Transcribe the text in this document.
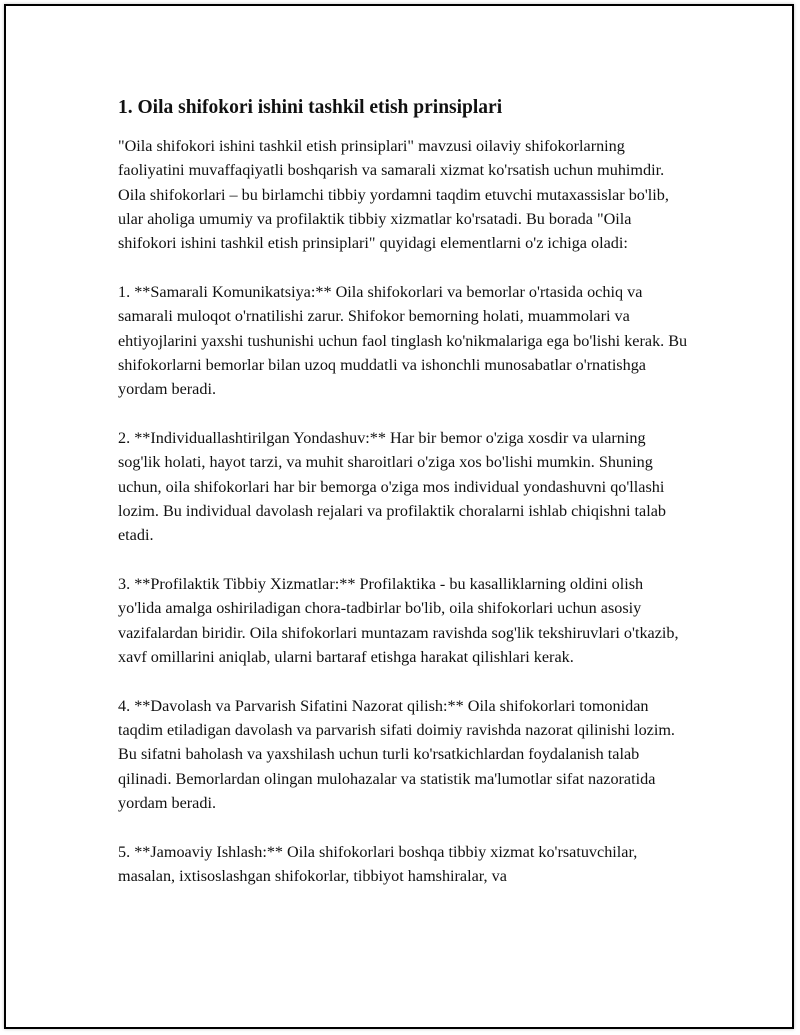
1. Oila shifokori ishini tashkil etish prinsiplari

"Oila shifokori ishini tashkil etish prinsiplari" mavzusi oilaviy shifokorlarning faoliyatini muvaffaqiyatli boshqarish va samarali xizmat ko'rsatish uchun muhimdir. Oila shifokorlari – bu birlamchi tibbiy yordamni taqdim etuvchi mutaxassislar bo'lib, ular aholiga umumiy va profilaktik tibbiy xizmatlar ko'rsatadi. Bu borada "Oila shifokori ishini tashkil etish prinsiplari" quyidagi elementlarni o'z ichiga oladi:

1. **Samarali Komunikatsiya:** Oila shifokorlari va bemorlar o'rtasida ochiq va samarali muloqot o'rnatilishi zarur. Shifokor bemorning holati, muammolari va ehtiyojlarini yaxshi tushunishi uchun faol tinglash ko'nikmalariga ega bo'lishi kerak. Bu shifokorlarni bemorlar bilan uzoq muddatli va ishonchli munosabatlar o'rnatishga yordam beradi.

2. **Individuallashtirilgan Yondashuv:** Har bir bemor o'ziga xosdir va ularning sog'lik holati, hayot tarzi, va muhit sharoitlari o'ziga xos bo'lishi mumkin. Shuning uchun, oila shifokorlari har bir bemorga o'ziga mos individual yondashuvni qo'llashi lozim. Bu individual davolash rejalari va profilaktik choralarni ishlab chiqishni talab etadi.

3. **Profilaktik Tibbiy Xizmatlar:** Profilaktika - bu kasalliklarning oldini olish yo'lida amalga oshiriladigan chora-tadbirlar bo'lib, oila shifokorlari uchun asosiy vazifalardan biridir. Oila shifokorlari muntazam ravishda sog'lik tekshiruvlari o'tkazib, xavf omillarini aniqlab, ularni bartaraf etishga harakat qilishlari kerak.

4. **Davolash va Parvarish Sifatini Nazorat qilish:** Oila shifokorlari tomonidan taqdim etiladigan davolash va parvarish sifati doimiy ravishda nazorat qilinishi lozim. Bu sifatni baholash va yaxshilash uchun turli ko'rsatkichlardan foydalanish talab qilinadi. Bemorlardan olingan mulohazalar va statistik ma'lumotlar sifat nazoratida yordam beradi.

5. **Jamoaviy Ishlash:** Oila shifokorlari boshqa tibbiy xizmat ko'rsatuvchilar, masalan, ixtisoslashgan shifokorlar, tibbiyot hamshiralar, va
